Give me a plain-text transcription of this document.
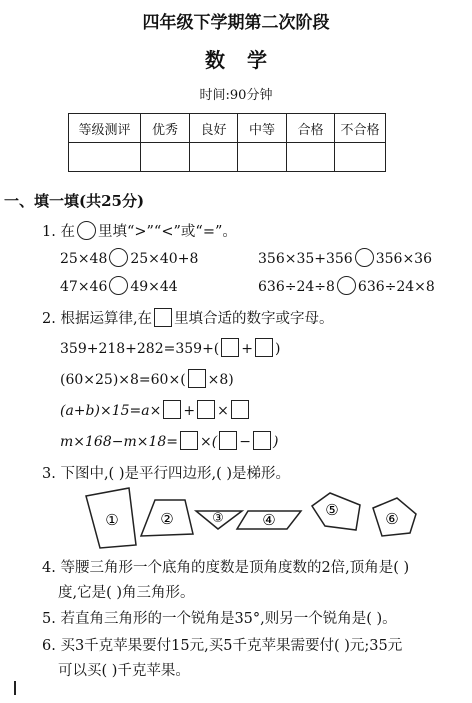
四年级下学期第二次阶段
数学
时间:90分钟
等级测评	优秀	良好	中等	合格	不合格

一、填一填(共25分)
1. 在 里填“>”“<”或“=”。
25×48 25×40+8	356×35+356 356×36
47×46 49×44	636÷24÷8 636÷24×8
2. 根据运算律,在 里填合适的数字或字母。
359+218+282=359+( + )
(60×25)×8=60×( ×8)
(a+b)×15=a× + ×
m×168−m×18= ×( − )
3. 下图中,( )是平行四边形,( )是梯形。
①	②	③	④
⑤	⑥
4. 等腰三角形一个底角的度数是顶角度数的2倍,顶角是( )
度,它是( )角三角形。
5. 若直角三角形的一个锐角是35°,则另一个锐角是( )。
6. 买3千克苹果要付15元,买5千克苹果需要付( )元;35元
可以买( )千克苹果。
